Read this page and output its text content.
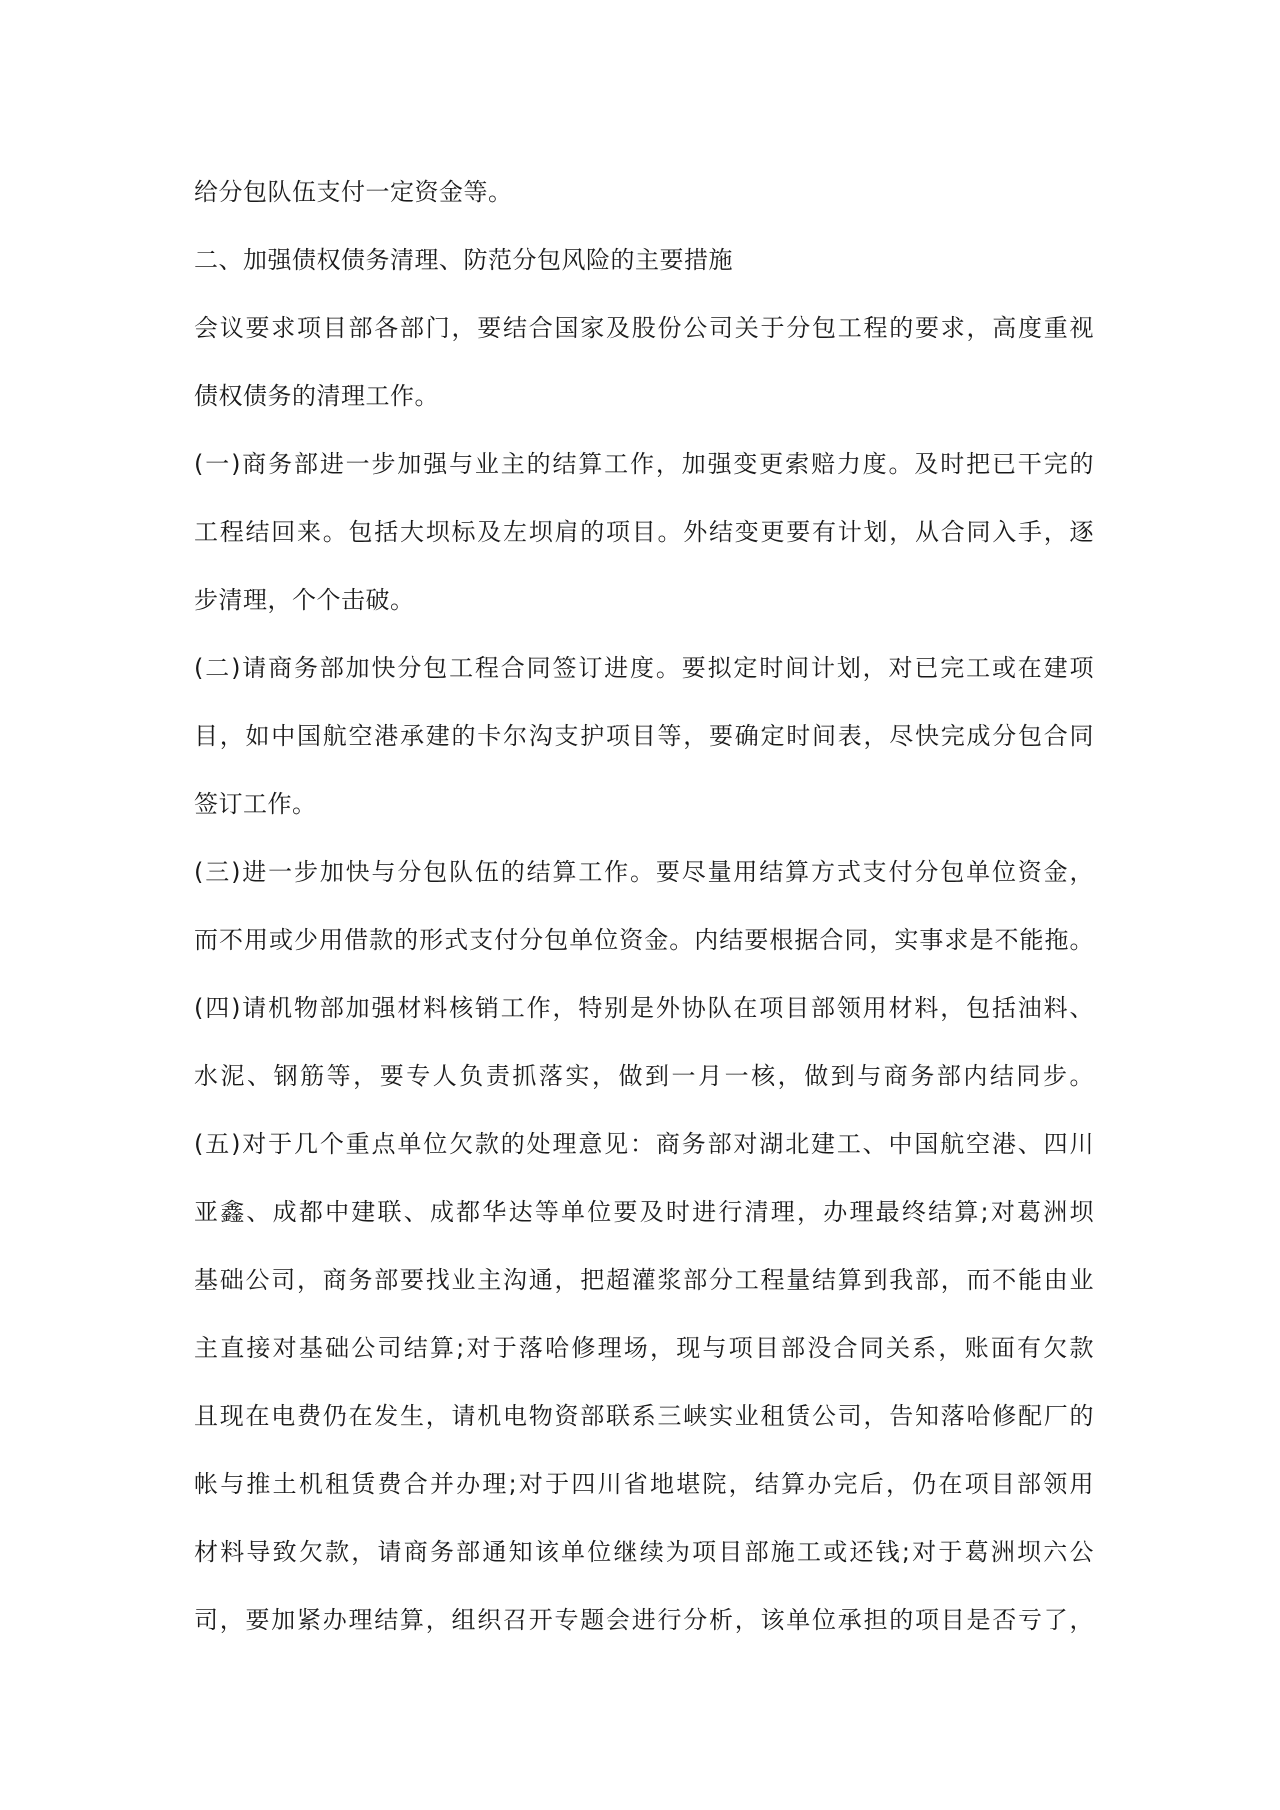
给分包队伍支付一定资金等。
二、加强债权债务清理、防范分包风险的主要措施
会议要求项目部各部门，要结合国家及股份公司关于分包工程的要求，高度重视
债权债务的清理工作。
(一)商务部进一步加强与业主的结算工作，加强变更索赔力度。及时把已干完的
工程结回来。包括大坝标及左坝肩的项目。外结变更要有计划，从合同入手，逐
步清理，个个击破。
(二)请商务部加快分包工程合同签订进度。要拟定时间计划，对已完工或在建项
目，如中国航空港承建的卡尔沟支护项目等，要确定时间表，尽快完成分包合同
签订工作。
(三)进一步加快与分包队伍的结算工作。要尽量用结算方式支付分包单位资金，
而不用或少用借款的形式支付分包单位资金。内结要根据合同，实事求是不能拖。
(四)请机物部加强材料核销工作，特别是外协队在项目部领用材料，包括油料、
水泥、钢筋等，要专人负责抓落实，做到一月一核，做到与商务部内结同步。
(五)对于几个重点单位欠款的处理意见：商务部对湖北建工、中国航空港、四川
亚鑫、成都中建联、成都华达等单位要及时进行清理，办理最终结算;对葛洲坝
基础公司，商务部要找业主沟通，把超灌浆部分工程量结算到我部，而不能由业
主直接对基础公司结算;对于落哈修理场，现与项目部没合同关系，账面有欠款
且现在电费仍在发生，请机电物资部联系三峡实业租赁公司，告知落哈修配厂的
帐与推土机租赁费合并办理;对于四川省地堪院，结算办完后，仍在项目部领用
材料导致欠款，请商务部通知该单位继续为项目部施工或还钱;对于葛洲坝六公
司，要加紧办理结算，组织召开专题会进行分析，该单位承担的项目是否亏了，
